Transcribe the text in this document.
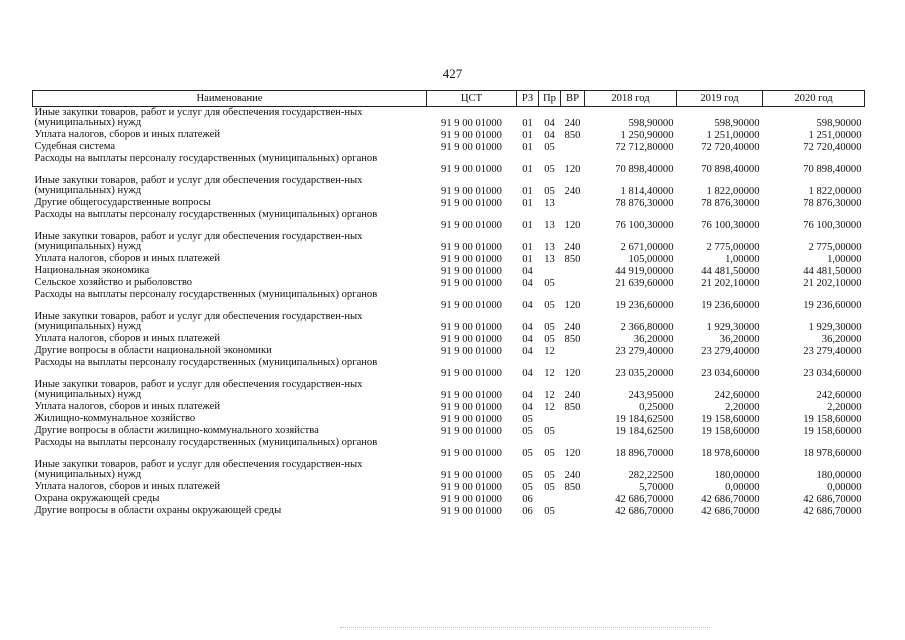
427
Наименование	ЦСТ	РЗ	Пр	ВР	2018 год	2019 год	2020 год
Иные закупки товаров, работ и услуг для обеспечения государствен-ных (муниципальных) нужд	91 9 00 01000	01	04	240	598,90000	598,90000	598,90000
Уплата налогов, сборов и иных платежей	91 9 00 01000	01	04	850	1 250,90000	1 251,00000	1 251,00000
Судебная система	91 9 00 01000	01	05		72 712,80000	72 720,40000	72 720,40000
Расходы на выплаты персоналу государственных (муниципальных) органов	91 9 00 01000	01	05	120	70 898,40000	70 898,40000	70 898,40000
Иные закупки товаров, работ и услуг для обеспечения государствен-ных (муниципальных) нужд	91 9 00 01000	01	05	240	1 814,40000	1 822,00000	1 822,00000
Другие общегосударственные вопросы	91 9 00 01000	01	13		78 876,30000	78 876,30000	78 876,30000
Расходы на выплаты персоналу государственных (муниципальных) органов	91 9 00 01000	01	13	120	76 100,30000	76 100,30000	76 100,30000
Иные закупки товаров, работ и услуг для обеспечения государствен-ных (муниципальных) нужд	91 9 00 01000	01	13	240	2 671,00000	2 775,00000	2 775,00000
Уплата налогов, сборов и иных платежей	91 9 00 01000	01	13	850	105,00000	1,00000	1,00000
Национальная экономика	91 9 00 01000	04			44 919,00000	44 481,50000	44 481,50000
Сельское хозяйство и рыболовство	91 9 00 01000	04	05		21 639,60000	21 202,10000	21 202,10000
Расходы на выплаты персоналу государственных (муниципальных) органов	91 9 00 01000	04	05	120	19 236,60000	19 236,60000	19 236,60000
Иные закупки товаров, работ и услуг для обеспечения государствен-ных (муниципальных) нужд	91 9 00 01000	04	05	240	2 366,80000	1 929,30000	1 929,30000
Уплата налогов, сборов и иных платежей	91 9 00 01000	04	05	850	36,20000	36,20000	36,20000
Другие вопросы в области национальной экономики	91 9 00 01000	04	12		23 279,40000	23 279,40000	23 279,40000
Расходы на выплаты персоналу государственных (муниципальных) органов	91 9 00 01000	04	12	120	23 035,20000	23 034,60000	23 034,60000
Иные закупки товаров, работ и услуг для обеспечения государствен-ных (муниципальных) нужд	91 9 00 01000	04	12	240	243,95000	242,60000	242,60000
Уплата налогов, сборов и иных платежей	91 9 00 01000	04	12	850	0,25000	2,20000	2,20000
Жилищно-коммунальное хозяйство	91 9 00 01000	05			19 184,62500	19 158,60000	19 158,60000
Другие вопросы в области жилищно-коммунального хозяйства	91 9 00 01000	05	05		19 184,62500	19 158,60000	19 158,60000
Расходы на выплаты персоналу государственных (муниципальных) органов	91 9 00 01000	05	05	120	18 896,70000	18 978,60000	18 978,60000
Иные закупки товаров, работ и услуг для обеспечения государствен-ных (муниципальных) нужд	91 9 00 01000	05	05	240	282,22500	180,00000	180,00000
Уплата налогов, сборов и иных платежей	91 9 00 01000	05	05	850	5,70000	0,00000	0,00000
Охрана окружающей среды	91 9 00 01000	06			42 686,70000	42 686,70000	42 686,70000
Другие вопросы в области охраны окружающей среды	91 9 00 01000	06	05		42 686,70000	42 686,70000	42 686,70000
